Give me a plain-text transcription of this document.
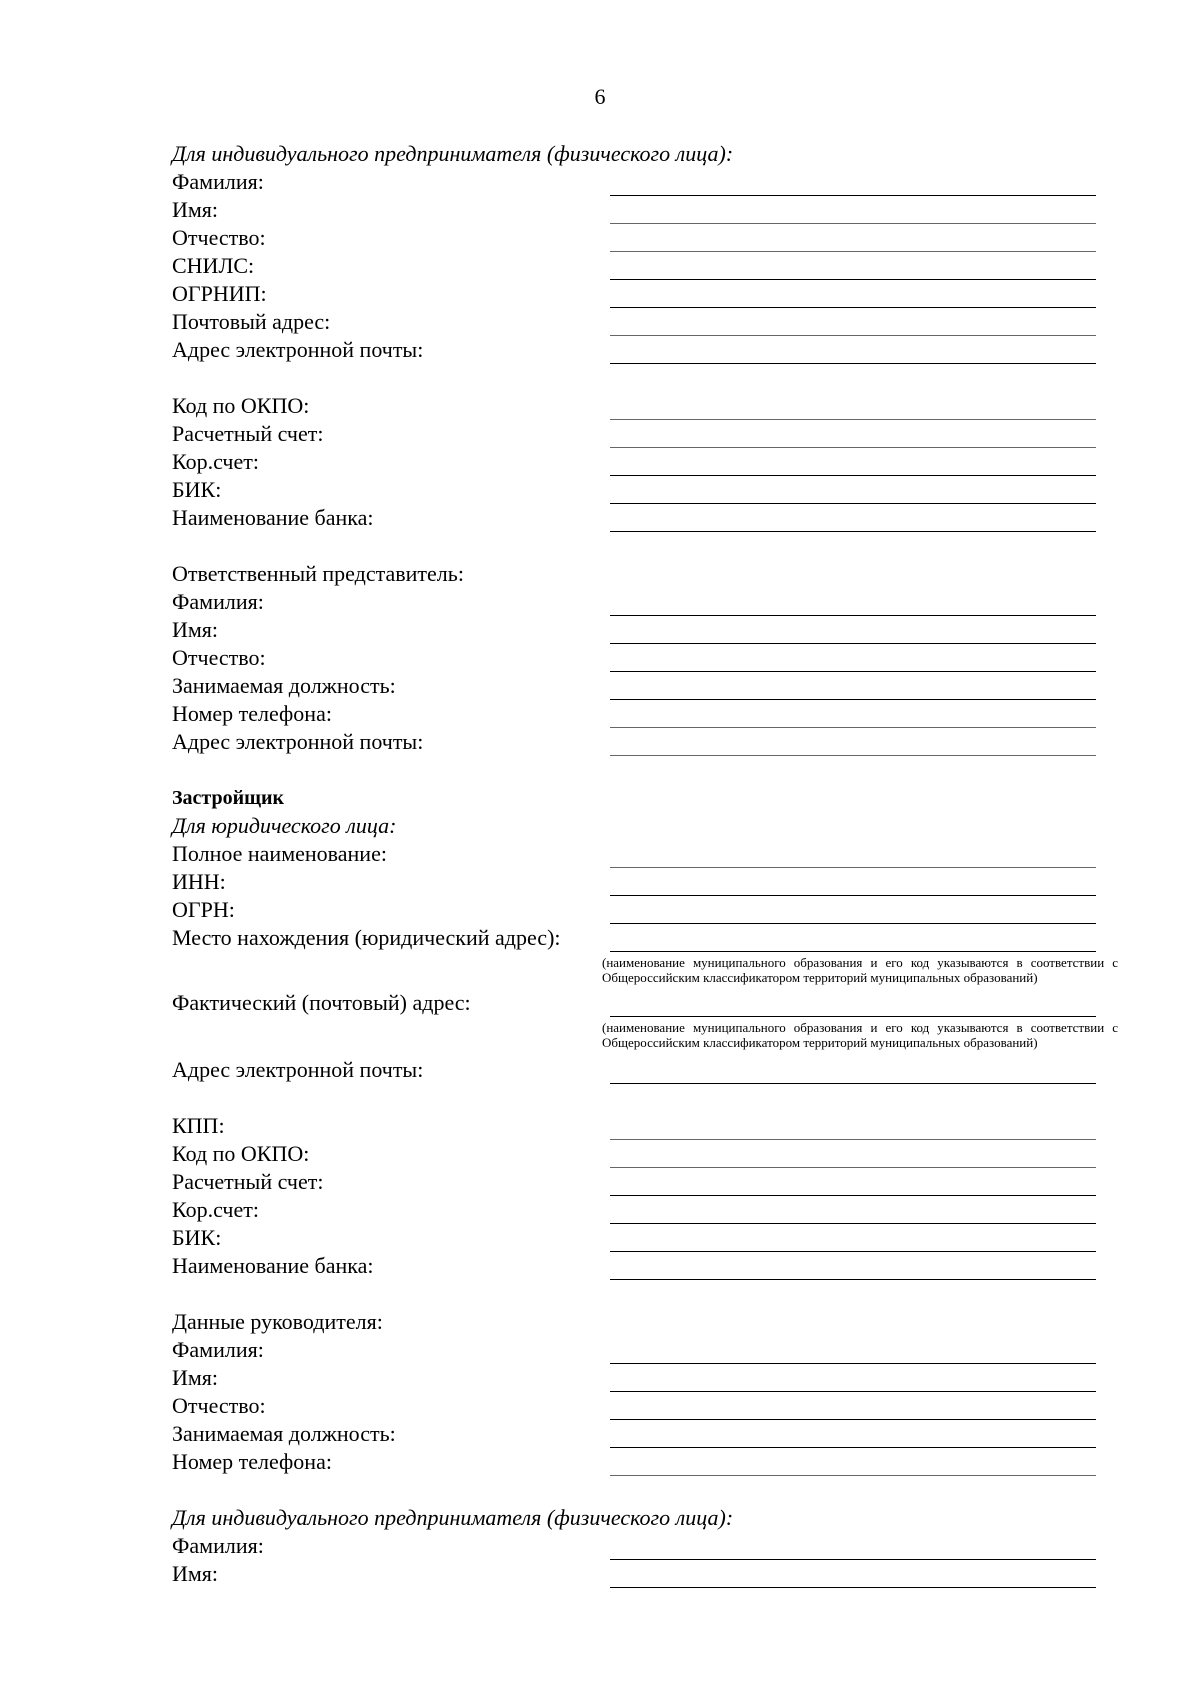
6
Для индивидуального предпринимателя (физического лица):
Фамилия:
Имя:
Отчество:
СНИЛС:
ОГРНИП:
Почтовый адрес:
Адрес электронной почты:
Код по ОКПО:
Расчетный счет:
Кор.счет:
БИК:
Наименование банка:
Ответственный представитель:
Фамилия:
Имя:
Отчество:
Занимаемая должность:
Номер телефона:
Адрес электронной почты:
Застройщик
Для юридического лица:
Полное наименование:
ИНН:
ОГРН:
Место нахождения (юридический адрес):
(наименование муниципального образования и его код указываются в соответствии с Общероссийским классификатором территорий муниципальных образований)
Фактический (почтовый) адрес:
(наименование муниципального образования и его код указываются в соответствии с Общероссийским классификатором территорий муниципальных образований)
Адрес электронной почты:
КПП:
Код по ОКПО:
Расчетный счет:
Кор.счет:
БИК:
Наименование банка:
Данные руководителя:
Фамилия:
Имя:
Отчество:
Занимаемая должность:
Номер телефона:
Для индивидуального предпринимателя (физического лица):
Фамилия:
Имя:
